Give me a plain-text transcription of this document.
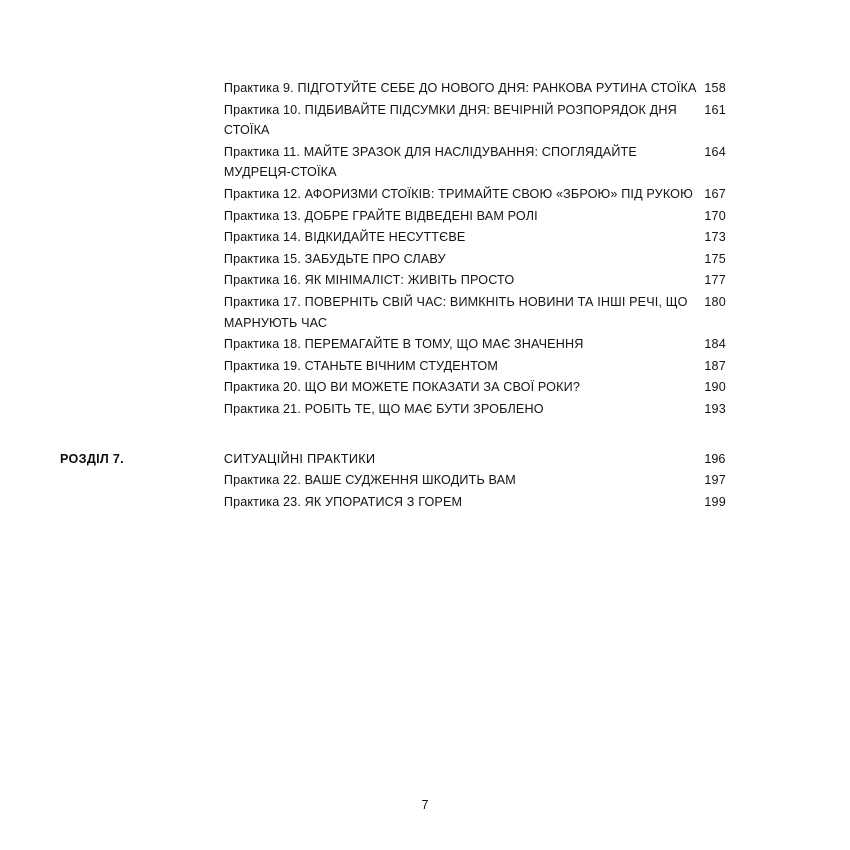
	Практика 9. ПІДГОТУЙТЕ СЕБЕ ДО НОВОГО ДНЯ: РАНКОВА РУТИНА СТОЇКА	158
	Практика 10. ПІДБИВАЙТЕ ПІДСУМКИ ДНЯ: ВЕЧІРНІЙ РОЗПОРЯДОК ДНЯ СТОЇКА	161
	Практика 11. МАЙТЕ ЗРАЗОК ДЛЯ НАСЛІДУВАННЯ: СПОГЛЯДАЙТЕ МУДРЕЦЯ-СТОЇКА	164
	Практика 12. АФОРИЗМИ СТОЇКІВ: ТРИМАЙТЕ СВОЮ «ЗБРОЮ» ПІД РУКОЮ	167
	Практика 13. ДОБРЕ ГРАЙТЕ ВІДВЕДЕНІ ВАМ РОЛІ	170
	Практика 14. ВІДКИДАЙТЕ НЕСУТТЄВЕ	173
	Практика 15. ЗАБУДЬТЕ ПРО СЛАВУ	175
	Практика 16. ЯК МІНІМАЛІСТ: ЖИВІТЬ ПРОСТО	177
	Практика 17. ПОВЕРНІТЬ СВІЙ ЧАС: ВИМКНІТЬ НОВИНИ ТА ІНШІ РЕЧІ, ЩО МАРНУЮТЬ ЧАС	180
	Практика 18. ПЕРЕМАГАЙТЕ В ТОМУ, ЩО МАЄ ЗНАЧЕННЯ	184
	Практика 19. СТАНЬТЕ ВІЧНИМ СТУДЕНТОМ	187
	Практика 20. ЩО ВИ МОЖЕТЕ ПОКАЗАТИ ЗА СВОЇ РОКИ?	190
	Практика 21. РОБІТЬ ТЕ, ЩО МАЄ БУТИ ЗРОБЛЕНО	193
РОЗДІЛ 7.	СИТУАЦІЙНІ ПРАКТИКИ	196
	Практика 22. ВАШЕ СУДЖЕННЯ ШКОДИТЬ ВАМ	197
	Практика 23. ЯК УПОРАТИСЯ З ГОРЕМ	199
7
